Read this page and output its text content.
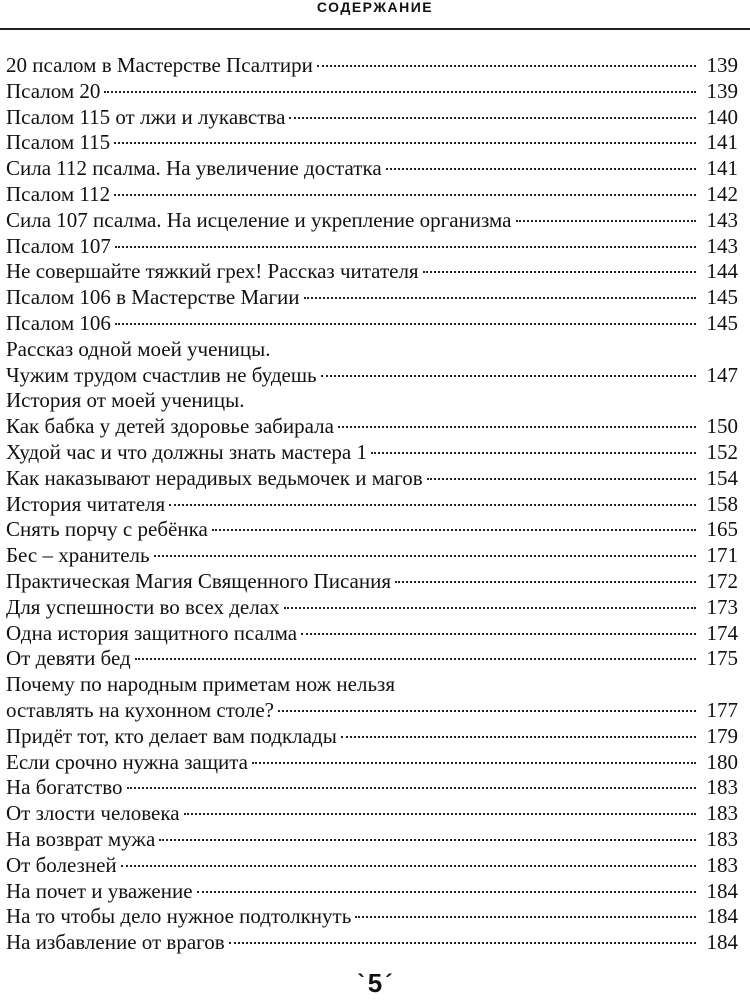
СОДЕРЖАНИЕ
20 псалом в Мастерстве Псалтири	139
Псалом 20	139
Псалом 115 от лжи и лукавства	140
Псалом 115	141
Сила 112 псалма. На увеличение достатка	141
Псалом 112	142
Сила 107 псалма. На исцеление и укрепление организма	143
Псалом 107	143
Не совершайте тяжкий грех! Рассказ читателя	144
Псалом 106 в Мастерстве Магии	145
Псалом 106	145
Рассказ одной моей ученицы.
Чужим трудом счастлив не будешь	147
История от моей ученицы.
Как бабка у детей здоровье забирала	150
Худой час и что должны знать мастера 1	152
Как наказывают нерадивых ведьмочек и магов	154
История читателя	158
Снять порчу с ребёнка	165
Бес – хранитель	171
Практическая Магия Священного Писания	172
Для успешности во всех делах	173
Одна история защитного псалма	174
От девяти бед	175
Почему по народным приметам нож нельзя
оставлять на кухонном столе?	177
Придёт тот, кто делает вам подклады	179
Если срочно нужна защита	180
На богатство	183
От злости человека	183
На возврат мужа	183
От болезней	183
На почет и уважение	184
На то чтобы дело нужное подтолкнуть	184
На избавление от врагов	184
` 5 ´
